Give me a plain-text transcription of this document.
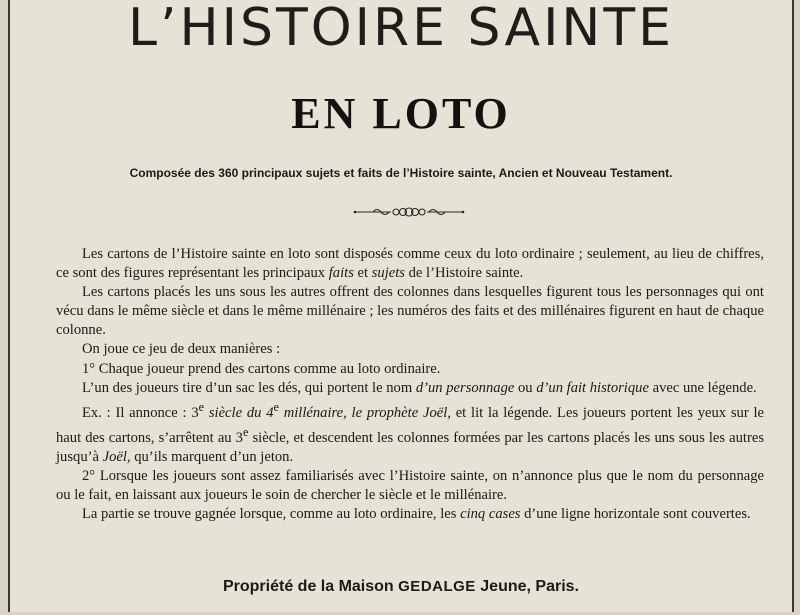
L’HISTOIRE SAINTE
EN LOTO
Composée des 360 principaux sujets et faits de l’Histoire sainte, Ancien et Nouveau Testament.

Les cartons de l’Histoire sainte en loto sont disposés comme ceux du loto ordinaire ; seulement, au lieu de chiffres, ce sont des figures représentant les principaux faits et sujets de l’Histoire sainte.

Les cartons placés les uns sous les autres offrent des colonnes dans lesquelles figurent tous les personnages qui ont vécu dans le même siècle et dans le même millénaire ; les numéros des faits et des millénaires figurent en haut de chaque colonne.

On joue ce jeu de deux manières :

1° Chaque joueur prend des cartons comme au loto ordinaire.

L’un des joueurs tire d’un sac les dés, qui portent le nom d’un personnage ou d’un fait historique avec une légende.

Ex. : Il annonce : 3e siècle du 4e millénaire, le prophète Joël, et lit la légende. Les joueurs portent les yeux sur le haut des cartons, s’arrêtent au 3e siècle, et descendent les colonnes formées par les cartons placés les uns sous les autres jusqu’à Joël, qu’ils marquent d’un jeton.

2° Lorsque les joueurs sont assez familiarisés avec l’Histoire sainte, on n’annonce plus que le nom du personnage ou le fait, en laissant aux joueurs le soin de chercher le siècle et le millénaire.

La partie se trouve gagnée lorsque, comme au loto ordinaire, les cinq cases d’une ligne horizontale sont couvertes.

Propriété de la Maison GEDALGE Jeune, Paris.
